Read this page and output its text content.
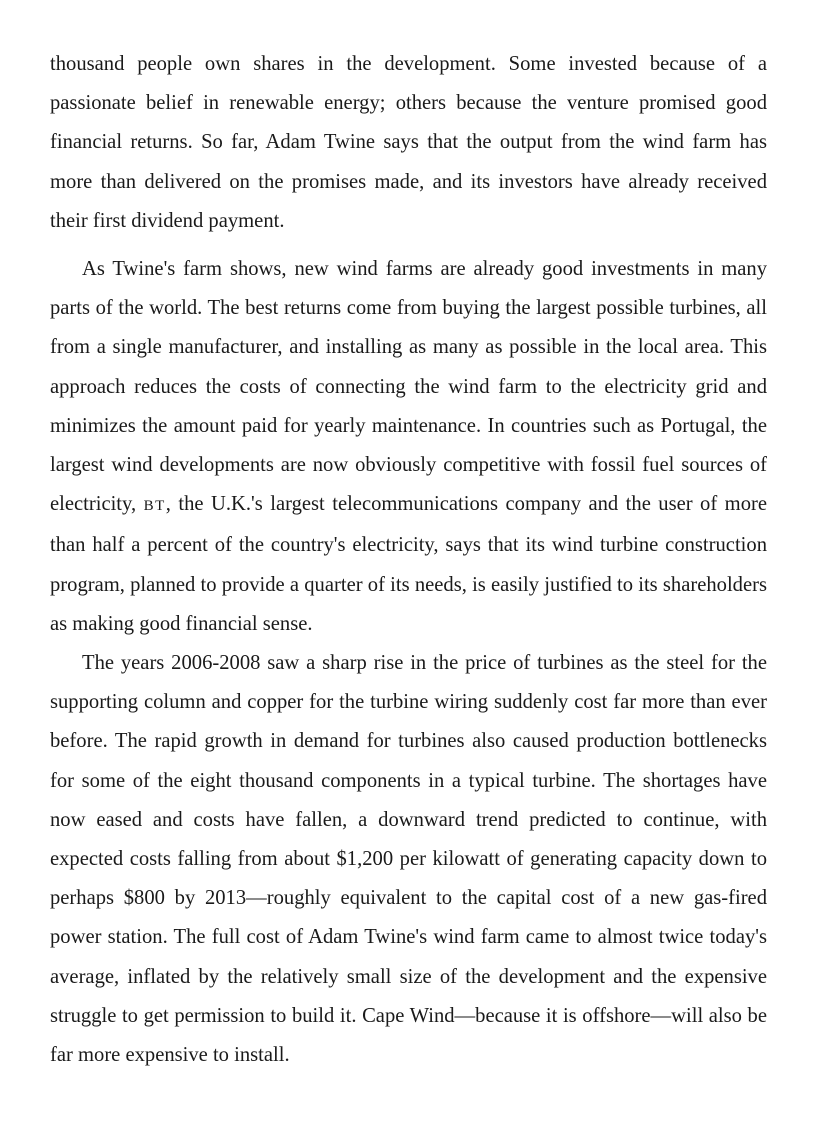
thousand people own shares in the development. Some invested because of a passionate belief in renewable energy; others because the venture promised good financial returns. So far, Adam Twine says that the output from the wind farm has more than delivered on the promises made, and its investors have already received their first dividend payment.

As Twine's farm shows, new wind farms are already good investments in many parts of the world. The best returns come from buying the largest possible turbines, all from a single manufacturer, and installing as many as possible in the local area. This approach reduces the costs of connecting the wind farm to the electricity grid and minimizes the amount paid for yearly maintenance. In countries such as Portugal, the largest wind developments are now obviously competitive with fossil fuel sources of electricity, BT, the U.K.'s largest telecommunications company and the user of more than half a percent of the country's electricity, says that its wind turbine construction program, planned to provide a quarter of its needs, is easily justified to its shareholders as making good financial sense.

The years 2006-2008 saw a sharp rise in the price of turbines as the steel for the supporting column and copper for the turbine wiring suddenly cost far more than ever before. The rapid growth in demand for turbines also caused production bottlenecks for some of the eight thousand components in a typical turbine. The shortages have now eased and costs have fallen, a downward trend predicted to continue, with expected costs falling from about $1,200 per kilowatt of generating capacity down to perhaps $800 by 2013—roughly equivalent to the capital cost of a new gas-fired power station. The full cost of Adam Twine's wind farm came to almost twice today's average, inflated by the relatively small size of the development and the expensive struggle to get permission to build it. Cape Wind—because it is offshore—will also be far more expensive to install.
